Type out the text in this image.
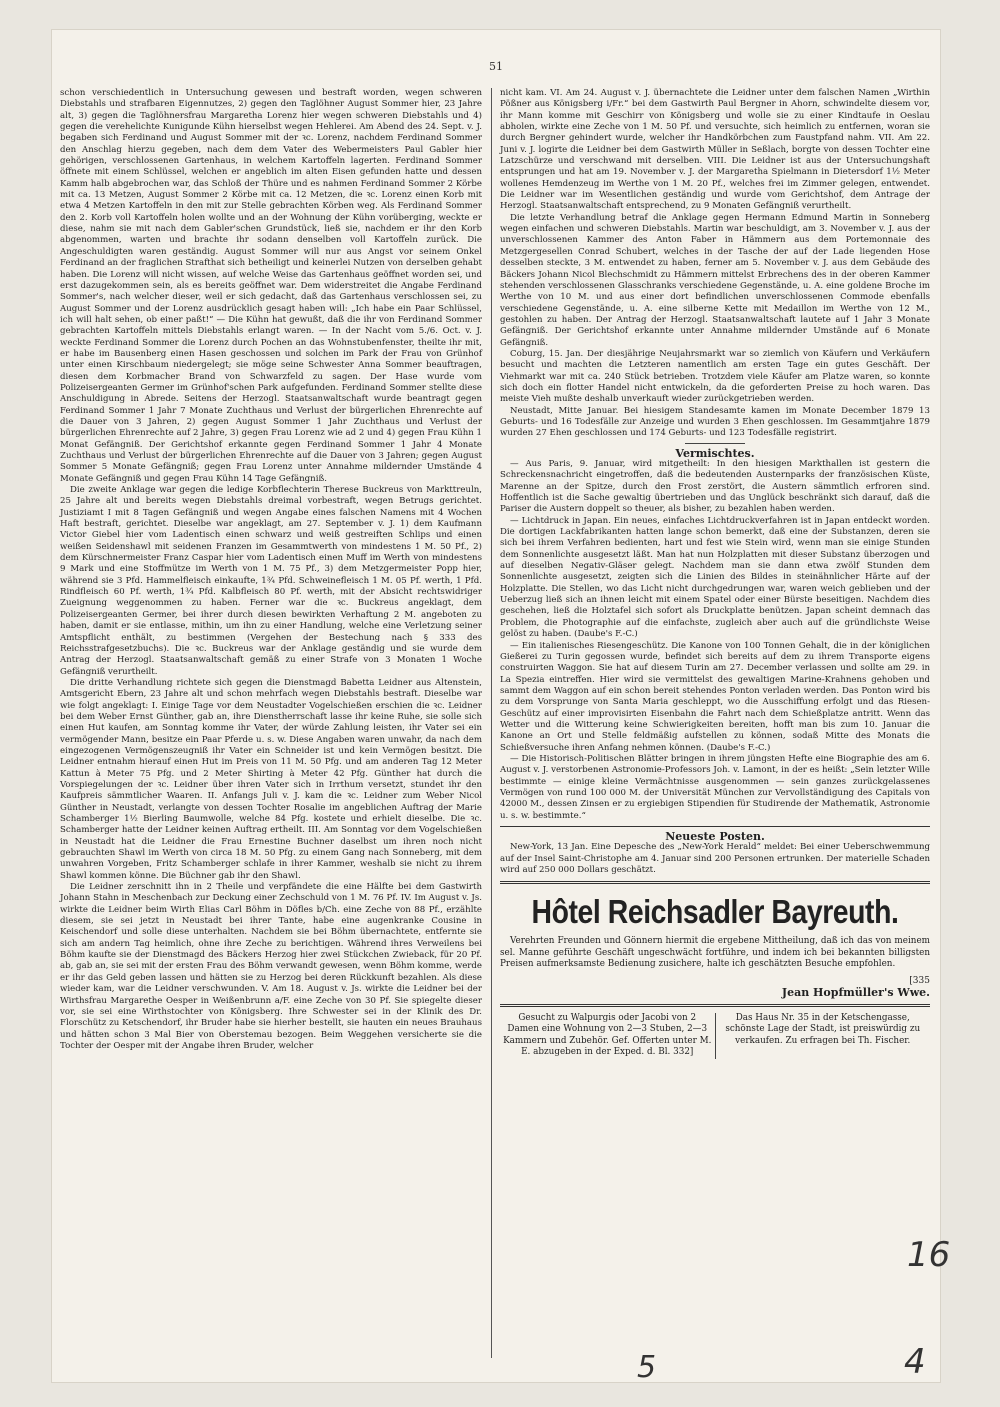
51

schon verschiedentlich in Untersuchung gewesen und bestraft worden, wegen schweren Diebstahls und strafbaren Eigennutzes, 2) gegen den Taglöhner August Sommer hier, 23 Jahre alt, 3) gegen die Taglöhnersfrau Margaretha Lorenz hier wegen schweren Diebstahls und 4) gegen die verehelichte Kunigunde Kühn hierselbst wegen Hehlerei. Am Abend des 24. Sept. v. J. begaben sich Ferdinand und August Sommer mit der ꝛc. Lorenz, nachdem Ferdinand Sommer den Anschlag hierzu gegeben, nach dem dem Vater des Webermeisters Paul Gabler hier gehörigen, verschlossenen Gartenhaus, in welchem Kartoffeln lagerten. Ferdinand Sommer öffnete mit einem Schlüssel, welchen er angeblich im alten Eisen gefunden hatte und dessen Kamm halb abgebrochen war, das Schloß der Thüre und es nahmen Ferdinand Sommer 2 Körbe mit ca. 13 Metzen, August Sommer 2 Körbe mit ca. 12 Metzen, die ꝛc. Lorenz einen Korb mit etwa 4 Metzen Kartoffeln in den mit zur Stelle gebrachten Körben weg. Als Ferdinand Sommer den 2. Korb voll Kartoffeln holen wollte und an der Wohnung der Kühn vorüberging, weckte er diese, nahm sie mit nach dem Gabler'schen Grundstück, ließ sie, nachdem er ihr den Korb abgenommen, warten und brachte ihr sodann denselben voll Kartoffeln zurück. Die Angeschuldigten waren geständig. August Sommer will nur aus Angst vor seinem Onkel Ferdinand an der fraglichen Strafthat sich betheiligt und keinerlei Nutzen von derselben gehabt haben. Die Lorenz will nicht wissen, auf welche Weise das Gartenhaus geöffnet worden sei, und erst dazugekommen sein, als es bereits geöffnet war. Dem widerstreitet die Angabe Ferdinand Sommer's, nach welcher dieser, weil er sich gedacht, daß das Gartenhaus verschlossen sei, zu August Sommer und der Lorenz ausdrücklich gesagt haben will: „Ich habe ein Paar Schlüssel, ich will halt sehen, ob einer paßt!“ — Die Kühn hat gewußt, daß die ihr von Ferdinand Sommer gebrachten Kartoffeln mittels Diebstahls erlangt waren. — In der Nacht vom 5./6. Oct. v. J. weckte Ferdinand Sommer die Lorenz durch Pochen an das Wohnstubenfenster, theilte ihr mit, er habe im Bausenberg einen Hasen geschossen und solchen im Park der Frau von Grünhof unter einen Kirschbaum niedergelegt; sie möge seine Schwester Anna Sommer beauftragen, diesen dem Korbmacher Brand von Schwarzfeld zu sagen. Der Hase wurde vom Polizeisergeanten Germer im Grünhof'schen Park aufgefunden. Ferdinand Sommer stellte diese Anschuldigung in Abrede. Seitens der Herzogl. Staatsanwaltschaft wurde beantragt gegen Ferdinand Sommer 1 Jahr 7 Monate Zuchthaus und Verlust der bürgerlichen Ehrenrechte auf die Dauer von 3 Jahren, 2) gegen August Sommer 1 Jahr Zuchthaus und Verlust der bürgerlichen Ehrenrechte auf 2 Jahre, 3) gegen Frau Lorenz wie ad 2 und 4) gegen Frau Kühn 1 Monat Gefängniß. Der Gerichtshof erkannte gegen Ferdinand Sommer 1 Jahr 4 Monate Zuchthaus und Verlust der bürgerlichen Ehrenrechte auf die Dauer von 3 Jahren; gegen August Sommer 5 Monate Gefängniß; gegen Frau Lorenz unter Annahme mildernder Umstände 4 Monate Gefängniß und gegen Frau Kühn 14 Tage Gefängniß.

Die zweite Anklage war gegen die ledige Korbflechterin Therese Buckreus von Markttreuln, 25 Jahre alt und bereits wegen Diebstahls dreimal vorbestraft, wegen Betrugs gerichtet. Justiziamt I mit 8 Tagen Gefängniß und wegen Angabe eines falschen Namens mit 4 Wochen Haft bestraft, gerichtet. Dieselbe war angeklagt, am 27. September v. J. 1) dem Kaufmann Victor Giebel hier vom Ladentisch einen schwarz und weiß gestreiften Schlips und einen weißen Seidenshawl mit seidenen Franzen im Gesammtwerth von mindestens 1 M. 50 Pf., 2) dem Kürschnermeister Franz Caspar hier vom Ladentisch einen Muff im Werth von mindestens 9 Mark und eine Stoffmütze im Werth von 1 M. 75 Pf., 3) dem Metzgermeister Popp hier, während sie 3 Pfd. Hammelfleisch einkaufte, 1¾ Pfd. Schweinefleisch 1 M. 05 Pf. werth, 1 Pfd. Rindfleisch 60 Pf. werth, 1¾ Pfd. Kalbfleisch 80 Pf. werth, mit der Absicht rechtswidriger Zueignung weggenommen zu haben. Ferner war die ꝛc. Buckreus angeklagt, dem Polizeisergeanten Germer, bei ihrer durch diesen bewirkten Verhaftung 2 M. angeboten zu haben, damit er sie entlasse, mithin, um ihn zu einer Handlung, welche eine Verletzung seiner Amtspflicht enthält, zu bestimmen (Vergehen der Bestechung nach § 333 des Reichsstrafgesetzbuchs). Die ꝛc. Buckreus war der Anklage geständig und sie wurde dem Antrag der Herzogl. Staatsanwaltschaft gemäß zu einer Strafe von 3 Monaten 1 Woche Gefängniß verurtheilt.

Die dritte Verhandlung richtete sich gegen die Dienstmagd Babetta Leidner aus Altenstein, Amtsgericht Ebern, 23 Jahre alt und schon mehrfach wegen Diebstahls bestraft. Dieselbe war wie folgt angeklagt: I. Einige Tage vor dem Neustadter Vogelschießen erschien die ꝛc. Leidner bei dem Weber Ernst Günther, gab an, ihre Dienstherrschaft lasse ihr keine Ruhe, sie solle sich einen Hut kaufen, am Sonntag komme ihr Vater, der würde Zahlung leisten, ihr Vater sei ein vermögender Mann, besitze ein Paar Pferde u. s. w. Diese Angaben waren unwahr, da nach dem eingezogenen Vermögenszeugniß ihr Vater ein Schneider ist und kein Vermögen besitzt. Die Leidner entnahm hierauf einen Hut im Preis von 11 M. 50 Pfg. und am anderen Tag 12 Meter Kattun à Meter 75 Pfg. und 2 Meter Shirting à Meter 42 Pfg. Günther hat durch die Vorspiegelungen der ꝛc. Leidner über ihren Vater sich in Irrthum versetzt, stundet ihr den Kaufpreis sämmtlicher Waaren. II. Anfangs Juli v. J. kam die ꝛc. Leidner zum Weber Nicol Günther in Neustadt, verlangte von dessen Tochter Rosalie im angeblichen Auftrag der Marie Schamberger 1½ Bierling Baumwolle, welche 84 Pfg. kostete und erhielt dieselbe. Die ꝛc. Schamberger hatte der Leidner keinen Auftrag ertheilt. III. Am Sonntag vor dem Vogelschießen in Neustadt hat die Leidner die Frau Ernestine Buchner daselbst um ihren noch nicht gebrauchten Shawl im Werth von circa 18 M. 50 Pfg. zu einem Gang nach Sonneberg, mit dem unwahren Vorgeben, Fritz Schamberger schlafe in ihrer Kammer, weshalb sie nicht zu ihrem Shawl kommen könne. Die Büchner gab ihr den Shawl.

Die Leidner zerschnitt ihn in 2 Theile und verpfändete die eine Hälfte bei dem Gastwirth Johann Stahn in Meschenbach zur Deckung einer Zechschuld von 1 M. 76 Pf. IV. Im August v. Js. wirkte die Leidner beim Wirth Elias Carl Böhm in Döfles b/Ch. eine Zeche von 88 Pf., erzählte diesem, sie sei jetzt in Neustadt bei ihrer Tante, habe eine augenkranke Cousine in Keischendorf und solle diese unterhalten. Nachdem sie bei Böhm übernachtete, entfernte sie sich am andern Tag heimlich, ohne ihre Zeche zu berichtigen. Während ihres Verweilens bei Böhm kaufte sie der Dienstmagd des Bäckers Herzog hier zwei Stückchen Zwieback, für 20 Pf. ab, gab an, sie sei mit der ersten Frau des Böhm verwandt gewesen, wenn Böhm komme, werde er ihr das Geld geben lassen und hätten sie zu Herzog bei deren Rückkunft bezahlen. Als diese wieder kam, war die Leidner verschwunden. V. Am 18. August v. Js. wirkte die Leidner bei der Wirthsfrau Margarethe Oesper in Weißenbrunn a/F. eine Zeche von 30 Pf. Sie spiegelte dieser vor, sie sei eine Wirthstochter von Königsberg. Ihre Schwester sei in der Klinik des Dr. Florschütz zu Ketschendorf, ihr Bruder habe sie hierher bestellt, sie hauten ein neues Brauhaus und hätten schon 3 Mal Bier von Oberstemau bezogen. Beim Weggehen versicherte sie die Tochter der Oesper mit der Angabe ihren Bruder, welcher

nicht kam. VI. Am 24. August v. J. übernachtete die Leidner unter dem falschen Namen „Wirthin Pößner aus Königsberg i/Fr.“ bei dem Gastwirth Paul Bergner in Ahorn, schwindelte diesem vor, ihr Mann komme mit Geschirr von Königsberg und wolle sie zu einer Kindtaufe in Oeslau abholen, wirkte eine Zeche von 1 M. 50 Pf. und versuchte, sich heimlich zu entfernen, woran sie durch Bergner gehindert wurde, welcher ihr Handkörbchen zum Faustpfand nahm. VII. Am 22. Juni v. J. logirte die Leidner bei dem Gastwirth Müller in Seßlach, borgte von dessen Tochter eine Latzschürze und verschwand mit derselben. VIII. Die Leidner ist aus der Untersuchungshaft entsprungen und hat am 19. November v. J. der Margaretha Spielmann in Dietersdorf 1½ Meter wollenes Hemdenzeug im Werthe von 1 M. 20 Pf., welches frei im Zimmer gelegen, entwendet. Die Leidner war im Wesentlichen geständig und wurde vom Gerichtshof, dem Antrage der Herzogl. Staatsanwaltschaft entsprechend, zu 9 Monaten Gefängniß verurtheilt.

Die letzte Verhandlung betraf die Anklage gegen Hermann Edmund Martin in Sonneberg wegen einfachen und schweren Diebstahls. Martin war beschuldigt, am 3. November v. J. aus der unverschlossenen Kammer des Anton Faber in Hämmern aus dem Portemonnaie des Metzgergesellen Conrad Schubert, welches in der Tasche der auf der Lade liegenden Hose desselben steckte, 3 M. entwendet zu haben, ferner am 5. November v. J. aus dem Gebäude des Bäckers Johann Nicol Blechschmidt zu Hämmern mittelst Erbrechens des in der oberen Kammer stehenden verschlossenen Glasschranks verschiedene Gegenstände, u. A. eine goldene Broche im Werthe von 10 M. und aus einer dort befindlichen unverschlossenen Commode ebenfalls verschiedene Gegenstände, u. A. eine silberne Kette mit Medaillon im Werthe von 12 M., gestohlen zu haben. Der Antrag der Herzogl. Staatsanwaltschaft lautete auf 1 Jahr 3 Monate Gefängniß. Der Gerichtshof erkannte unter Annahme mildernder Umstände auf 6 Monate Gefängniß.

Coburg, 15. Jan. Der diesjährige Neujahrsmarkt war so ziemlich von Käufern und Verkäufern besucht und machten die Letzteren namentlich am ersten Tage ein gutes Geschäft. Der Viehmarkt war mit ca. 240 Stück betrieben. Trotzdem viele Käufer am Platze waren, so konnte sich doch ein flotter Handel nicht entwickeln, da die geforderten Preise zu hoch waren. Das meiste Vieh mußte deshalb unverkauft wieder zurückgetrieben werden.

Neustadt, Mitte Januar. Bei hiesigem Standesamte kamen im Monate December 1879 13 Geburts- und 16 Todesfälle zur Anzeige und wurden 3 Ehen geschlossen. Im Gesammtjahre 1879 wurden 27 Ehen geschlossen und 174 Geburts- und 123 Todesfälle registrirt.

Vermischtes.

— Aus Paris, 9. Januar, wird mitgetheilt: In den hiesigen Markthallen ist gestern die Schreckensnachricht eingetroffen, daß die bedeutenden Austernparks der französischen Küste, Marenne an der Spitze, durch den Frost zerstört, die Austern sämmtlich erfroren sind. Hoffentlich ist die Sache gewaltig übertrieben und das Unglück beschränkt sich darauf, daß die Pariser die Austern doppelt so theuer, als bisher, zu bezahlen haben werden.

— Lichtdruck in Japan. Ein neues, einfaches Lichtdruckverfahren ist in Japan entdeckt worden. Die dortigen Lackfabrikanten hatten lange schon bemerkt, daß eine der Substanzen, deren sie sich bei ihrem Verfahren bedienten, hart und fest wie Stein wird, wenn man sie einige Stunden dem Sonnenlichte ausgesetzt läßt. Man hat nun Holzplatten mit dieser Substanz überzogen und auf dieselben Negativ-Gläser gelegt. Nachdem man sie dann etwa zwölf Stunden dem Sonnenlichte ausgesetzt, zeigten sich die Linien des Bildes in steinähnlicher Härte auf der Holzplatte. Die Stellen, wo das Licht nicht durchgedrungen war, waren weich geblieben und der Ueberzug ließ sich an ihnen leicht mit einem Spatel oder einer Bürste beseitigen. Nachdem dies geschehen, ließ die Holztafel sich sofort als Druckplatte benützen. Japan scheint demnach das Problem, die Photographie auf die einfachste, zugleich aber auch auf die gründlichste Weise gelöst zu haben. (Daube's F.-C.)

— Ein italienisches Riesengeschütz. Die Kanone von 100 Tonnen Gehalt, die in der königlichen Gießerei zu Turin gegossen wurde, befindet sich bereits auf dem zu ihrem Transporte eigens construirten Waggon. Sie hat auf diesem Turin am 27. December verlassen und sollte am 29. in La Spezia eintreffen. Hier wird sie vermittelst des gewaltigen Marine-Krahnens gehoben und sammt dem Waggon auf ein schon bereit stehendes Ponton verladen werden. Das Ponton wird bis zu dem Vorsprunge von Santa Maria geschleppt, wo die Ausschiffung erfolgt und das Riesen-Geschütz auf einer improvisirten Eisenbahn die Fahrt nach dem Schießplatze antritt. Wenn das Wetter und die Witterung keine Schwierigkeiten bereiten, hofft man bis zum 10. Januar die Kanone an Ort und Stelle feldmäßig aufstellen zu können, sodaß Mitte des Monats die Schießversuche ihren Anfang nehmen können. (Daube's F.-C.)

— Die Historisch-Politischen Blätter bringen in ihrem jüngsten Hefte eine Biographie des am 6. August v. J. verstorbenen Astronomie-Professors Joh. v. Lamont, in der es heißt: „Sein letzter Wille bestimmte — einige kleine Vermächtnisse ausgenommen — sein ganzes zurückgelassenes Vermögen von rund 100 000 M. der Universität München zur Vervollständigung des Capitals von 42000 M., dessen Zinsen er zu ergiebigen Stipendien für Studirende der Mathematik, Astronomie u. s. w. bestimmte.“

Neueste Posten.

New-York, 13 Jan. Eine Depesche des „New-York Herald“ meldet: Bei einer Ueberschwemmung auf der Insel Saint-Christophe am 4. Januar sind 200 Personen ertrunken. Der materielle Schaden wird auf 250 000 Dollars geschätzt.

Hôtel Reichsadler Bayreuth.

Verehrten Freunden und Gönnern hiermit die ergebene Mittheilung, daß ich das von meinem sel. Manne geführte Geschäft ungeschwächt fortführe, und indem ich bei bekannten billigsten Preisen aufmerksamste Bedienung zusichere, halte ich geschätzten Besuche empfohlen.

[335
Jean Hopfmüller's Wwe.
Gesucht zu Walpurgis oder Jacobi von 2 Damen eine Wohnung von 2—3 Stuben, 2—3 Kammern und Zubehör. Gef. Offerten unter M. E. abzugeben in der Exped. d. Bl. 332]
Das Haus Nr. 35 in der Ketschengasse, schönste Lage der Stadt, ist preiswürdig zu verkaufen. Zu erfragen bei Th. Fischer.
16
5	4
